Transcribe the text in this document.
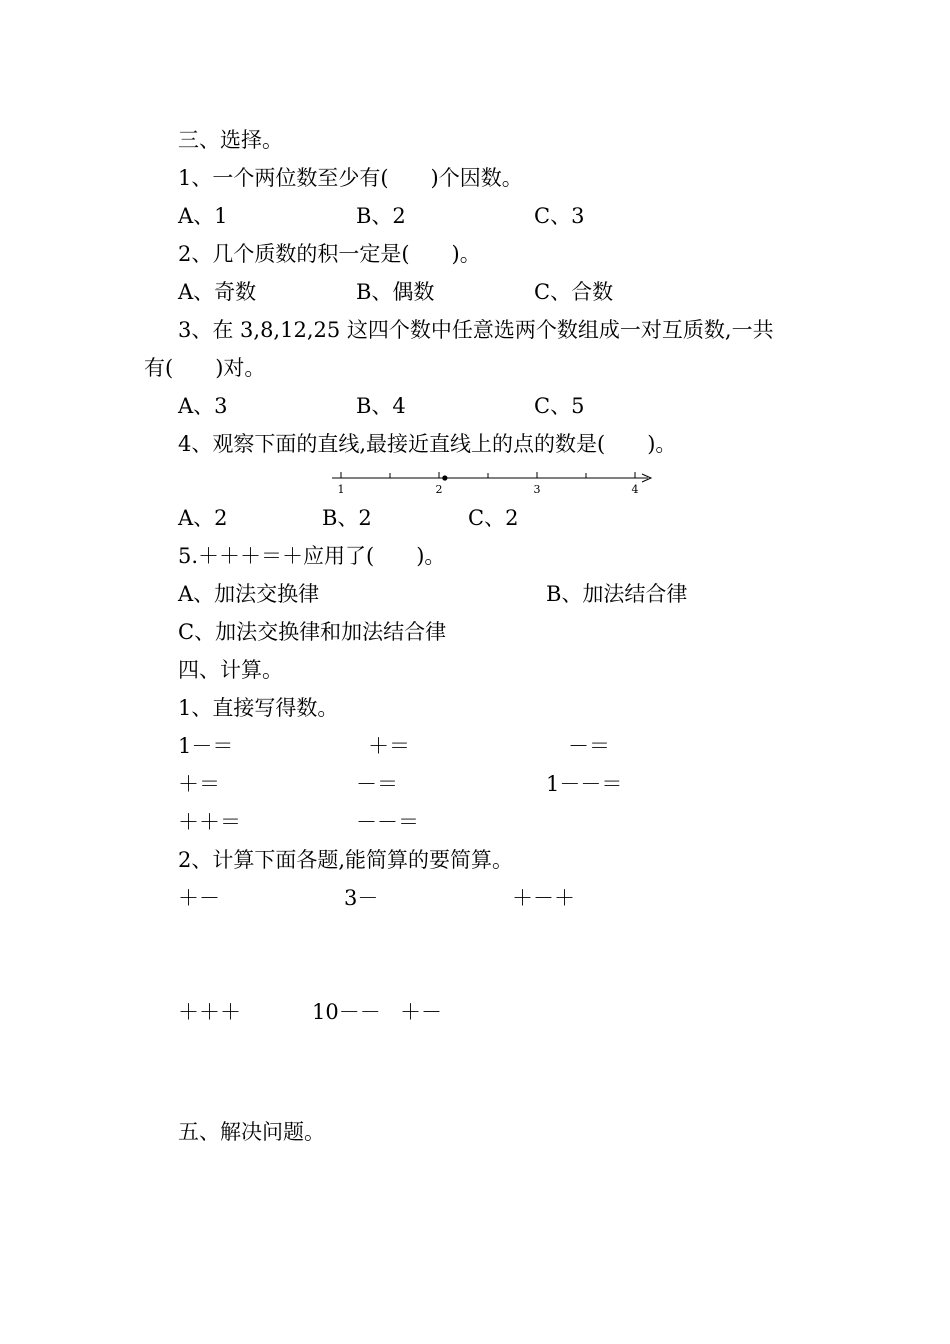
三、选择。
1、一个两位数至少有(　　)个因数。
A、1	B、2	C、3
2、几个质数的积一定是(　　)。
A、奇数	B、偶数	C、合数
3、在 3,8,12,25 这四个数中任意选两个数组成一对互质数,一共
有(　　)对。
A、3	B、4	C、5
4、观察下面的直线,最接近直线上的点的数是(　　)。
1	2	3	4
A、2	B、2	C、2
5.＋＋＋＝＋应用了(　　)。
A、加法交换律	B、加法结合律
C、加法交换律和加法结合律
四、计算。
1、直接写得数。
1－＝	＋＝	－＝
＋＝	－＝	1－－＝
＋＋＝	－－＝
2、计算下面各题,能简算的要简算。
＋－	3－	＋－＋
＋＋＋	10－－ ＋－
五、解决问题。
